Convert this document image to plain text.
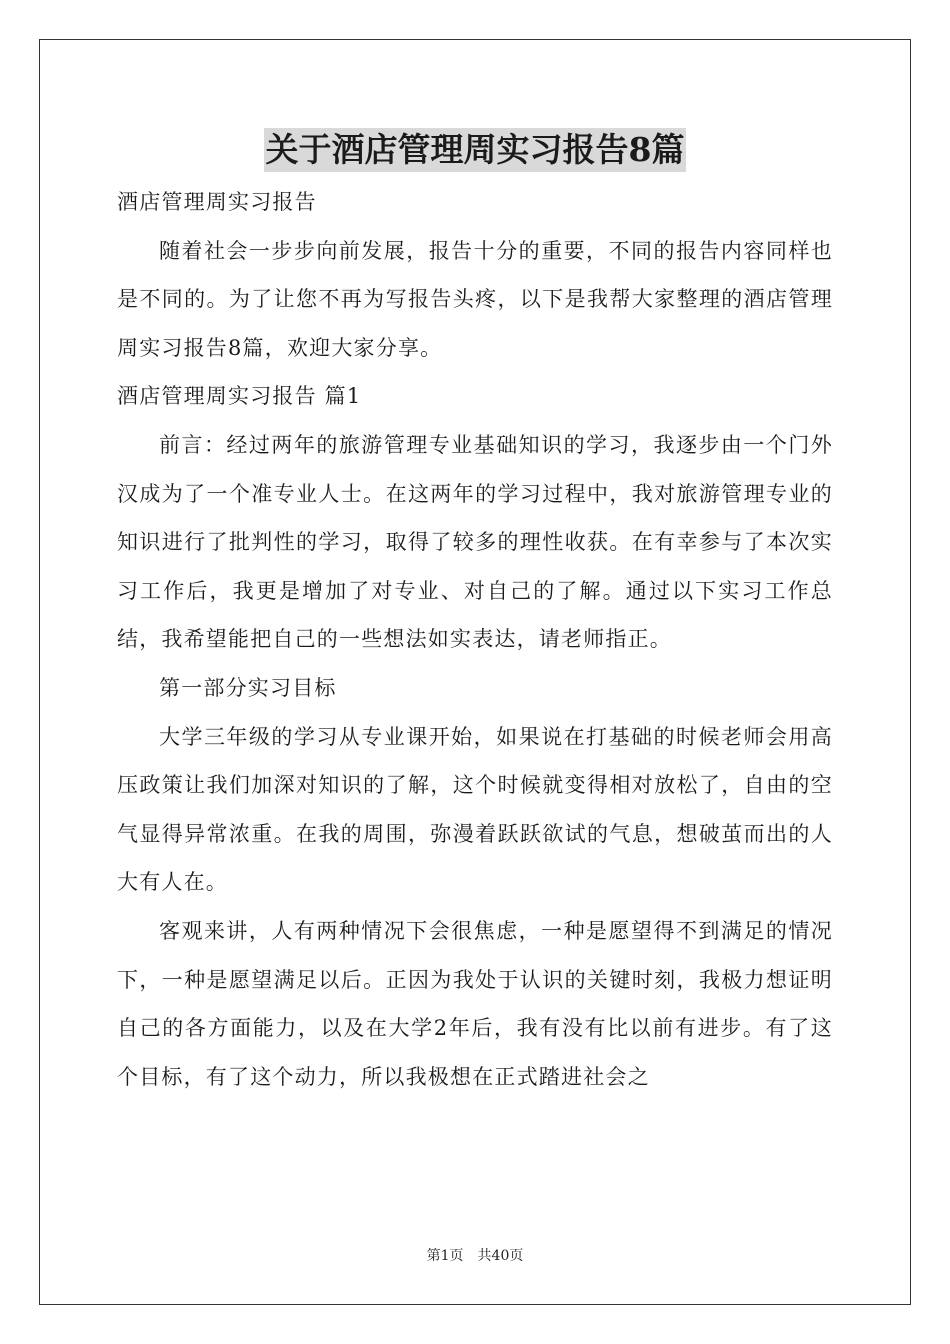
关于酒店管理周实习报告8篇

酒店管理周实习报告

随着社会一步步向前发展，报告十分的重要，不同的报告内容同样也是不同的。为了让您不再为写报告头疼，以下是我帮大家整理的酒店管理周实习报告8篇，欢迎大家分享。

酒店管理周实习报告 篇1

前言：经过两年的旅游管理专业基础知识的学习，我逐步由一个门外汉成为了一个准专业人士。在这两年的学习过程中，我对旅游管理专业的知识进行了批判性的学习，取得了较多的理性收获。在有幸参与了本次实习工作后，我更是增加了对专业、对自己的了解。通过以下实习工作总结，我希望能把自己的一些想法如实表达，请老师指正。

第一部分实习目标

大学三年级的学习从专业课开始，如果说在打基础的时候老师会用高压政策让我们加深对知识的了解，这个时候就变得相对放松了，自由的空气显得异常浓重。在我的周围，弥漫着跃跃欲试的气息，想破茧而出的人大有人在。

客观来讲，人有两种情况下会很焦虑，一种是愿望得不到满足的情况下，一种是愿望满足以后。正因为我处于认识的关键时刻，我极力想证明自己的各方面能力，以及在大学2年后，我有没有比以前有进步。有了这个目标，有了这个动力，所以我极想在正式踏进社会之

第1页 共40页
